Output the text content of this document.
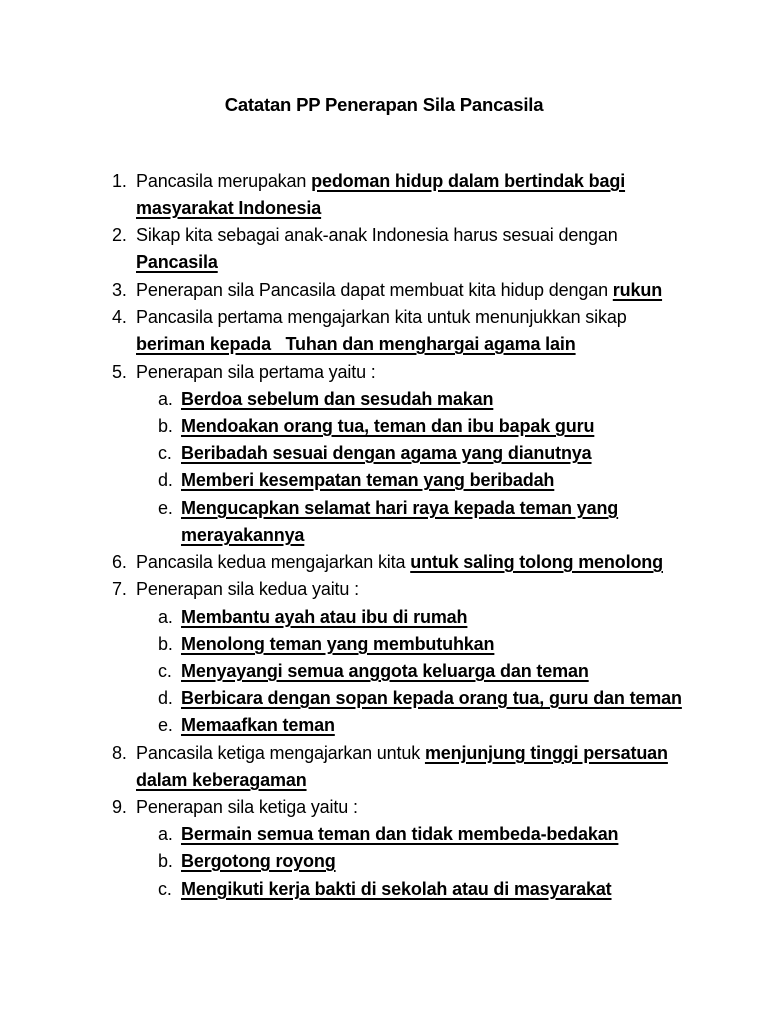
Catatan PP Penerapan Sila Pancasila
1. Pancasila merupakan pedoman hidup dalam bertindak bagi
masyarakat Indonesia
2. Sikap kita sebagai anak-anak Indonesia harus sesuai dengan
Pancasila
3. Penerapan sila Pancasila dapat membuat kita hidup dengan rukun
4. Pancasila pertama mengajarkan kita untuk menunjukkan sikap
beriman kepada   Tuhan dan menghargai agama lain
5. Penerapan sila pertama yaitu :
a. Berdoa sebelum dan sesudah makan
b. Mendoakan orang tua, teman dan ibu bapak guru
c. Beribadah sesuai dengan agama yang dianutnya
d. Memberi kesempatan teman yang beribadah
e. Mengucapkan selamat hari raya kepada teman yang
merayakannya
6. Pancasila kedua mengajarkan kita untuk saling tolong menolong
7. Penerapan sila kedua yaitu :
a. Membantu ayah atau ibu di rumah
b. Menolong teman yang membutuhkan
c. Menyayangi semua anggota keluarga dan teman
d. Berbicara dengan sopan kepada orang tua, guru dan teman
e. Memaafkan teman
8. Pancasila ketiga mengajarkan untuk menjunjung tinggi persatuan
dalam keberagaman
9. Penerapan sila ketiga yaitu :
a. Bermain semua teman dan tidak membeda-bedakan
b. Bergotong royong
c. Mengikuti kerja bakti di sekolah atau di masyarakat
